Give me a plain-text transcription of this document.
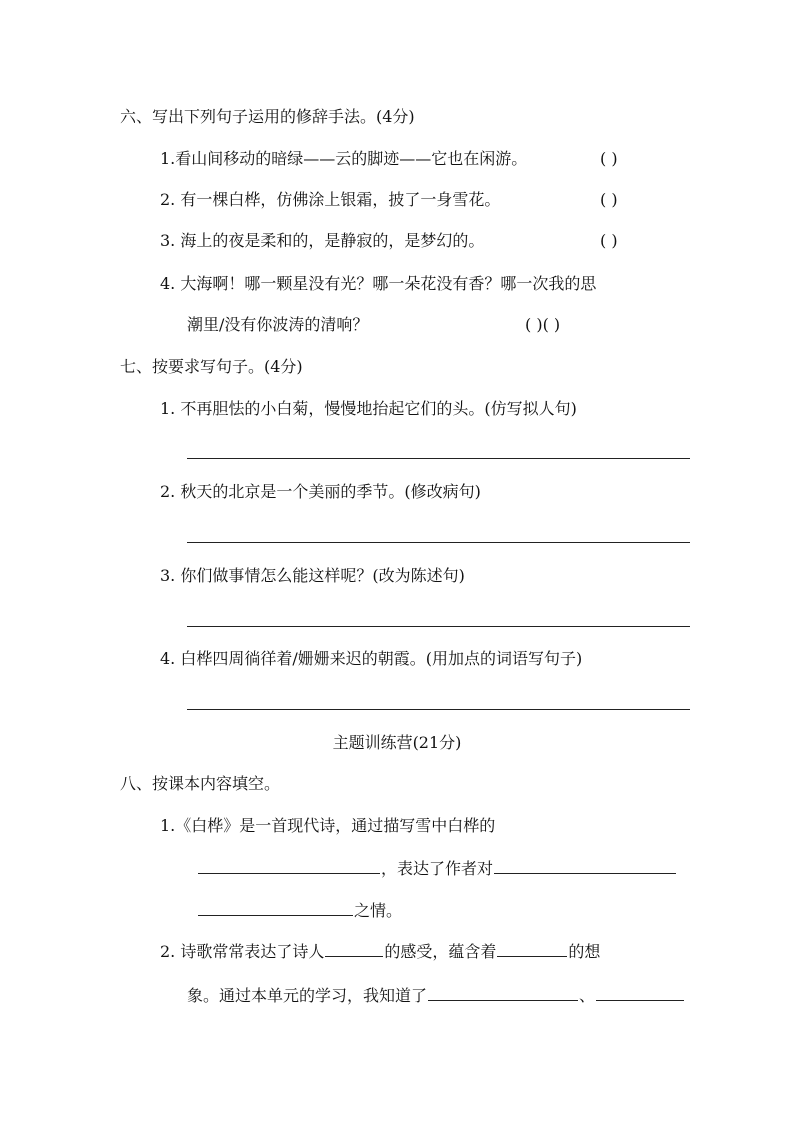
六、写出下列句子运用的修辞手法。(4分)
1.看山间移动的暗绿——云的脚迹——它也在闲游。	( )
2. 有一棵白桦，仿佛涂上银霜，披了一身雪花。	( )
3. 海上的夜是柔和的，是静寂的，是梦幻的。	( )
4. 大海啊！哪一颗星没有光？哪一朵花没有香？哪一次我的思
潮里/没有你波涛的清响？	( )( )
七、按要求写句子。(4分)
1. 不再胆怯的小白菊，慢慢地抬起它们的头。(仿写拟人句)
2. 秋天的北京是一个美丽的季节。(修改病句)
3. 你们做事情怎么能这样呢？(改为陈述句)
4. 白桦四周徜徉着/姗姗来迟的朝霞。(用加点的词语写句子)
主题训练营(21分)
八、按课本内容填空。
1.《白桦》是一首现代诗，通过描写雪中白桦的
，表达了作者对
之情。
2. 诗歌常常表达了诗人	的感受，蕴含着	的想
象。通过本单元的学习，我知道了	、
